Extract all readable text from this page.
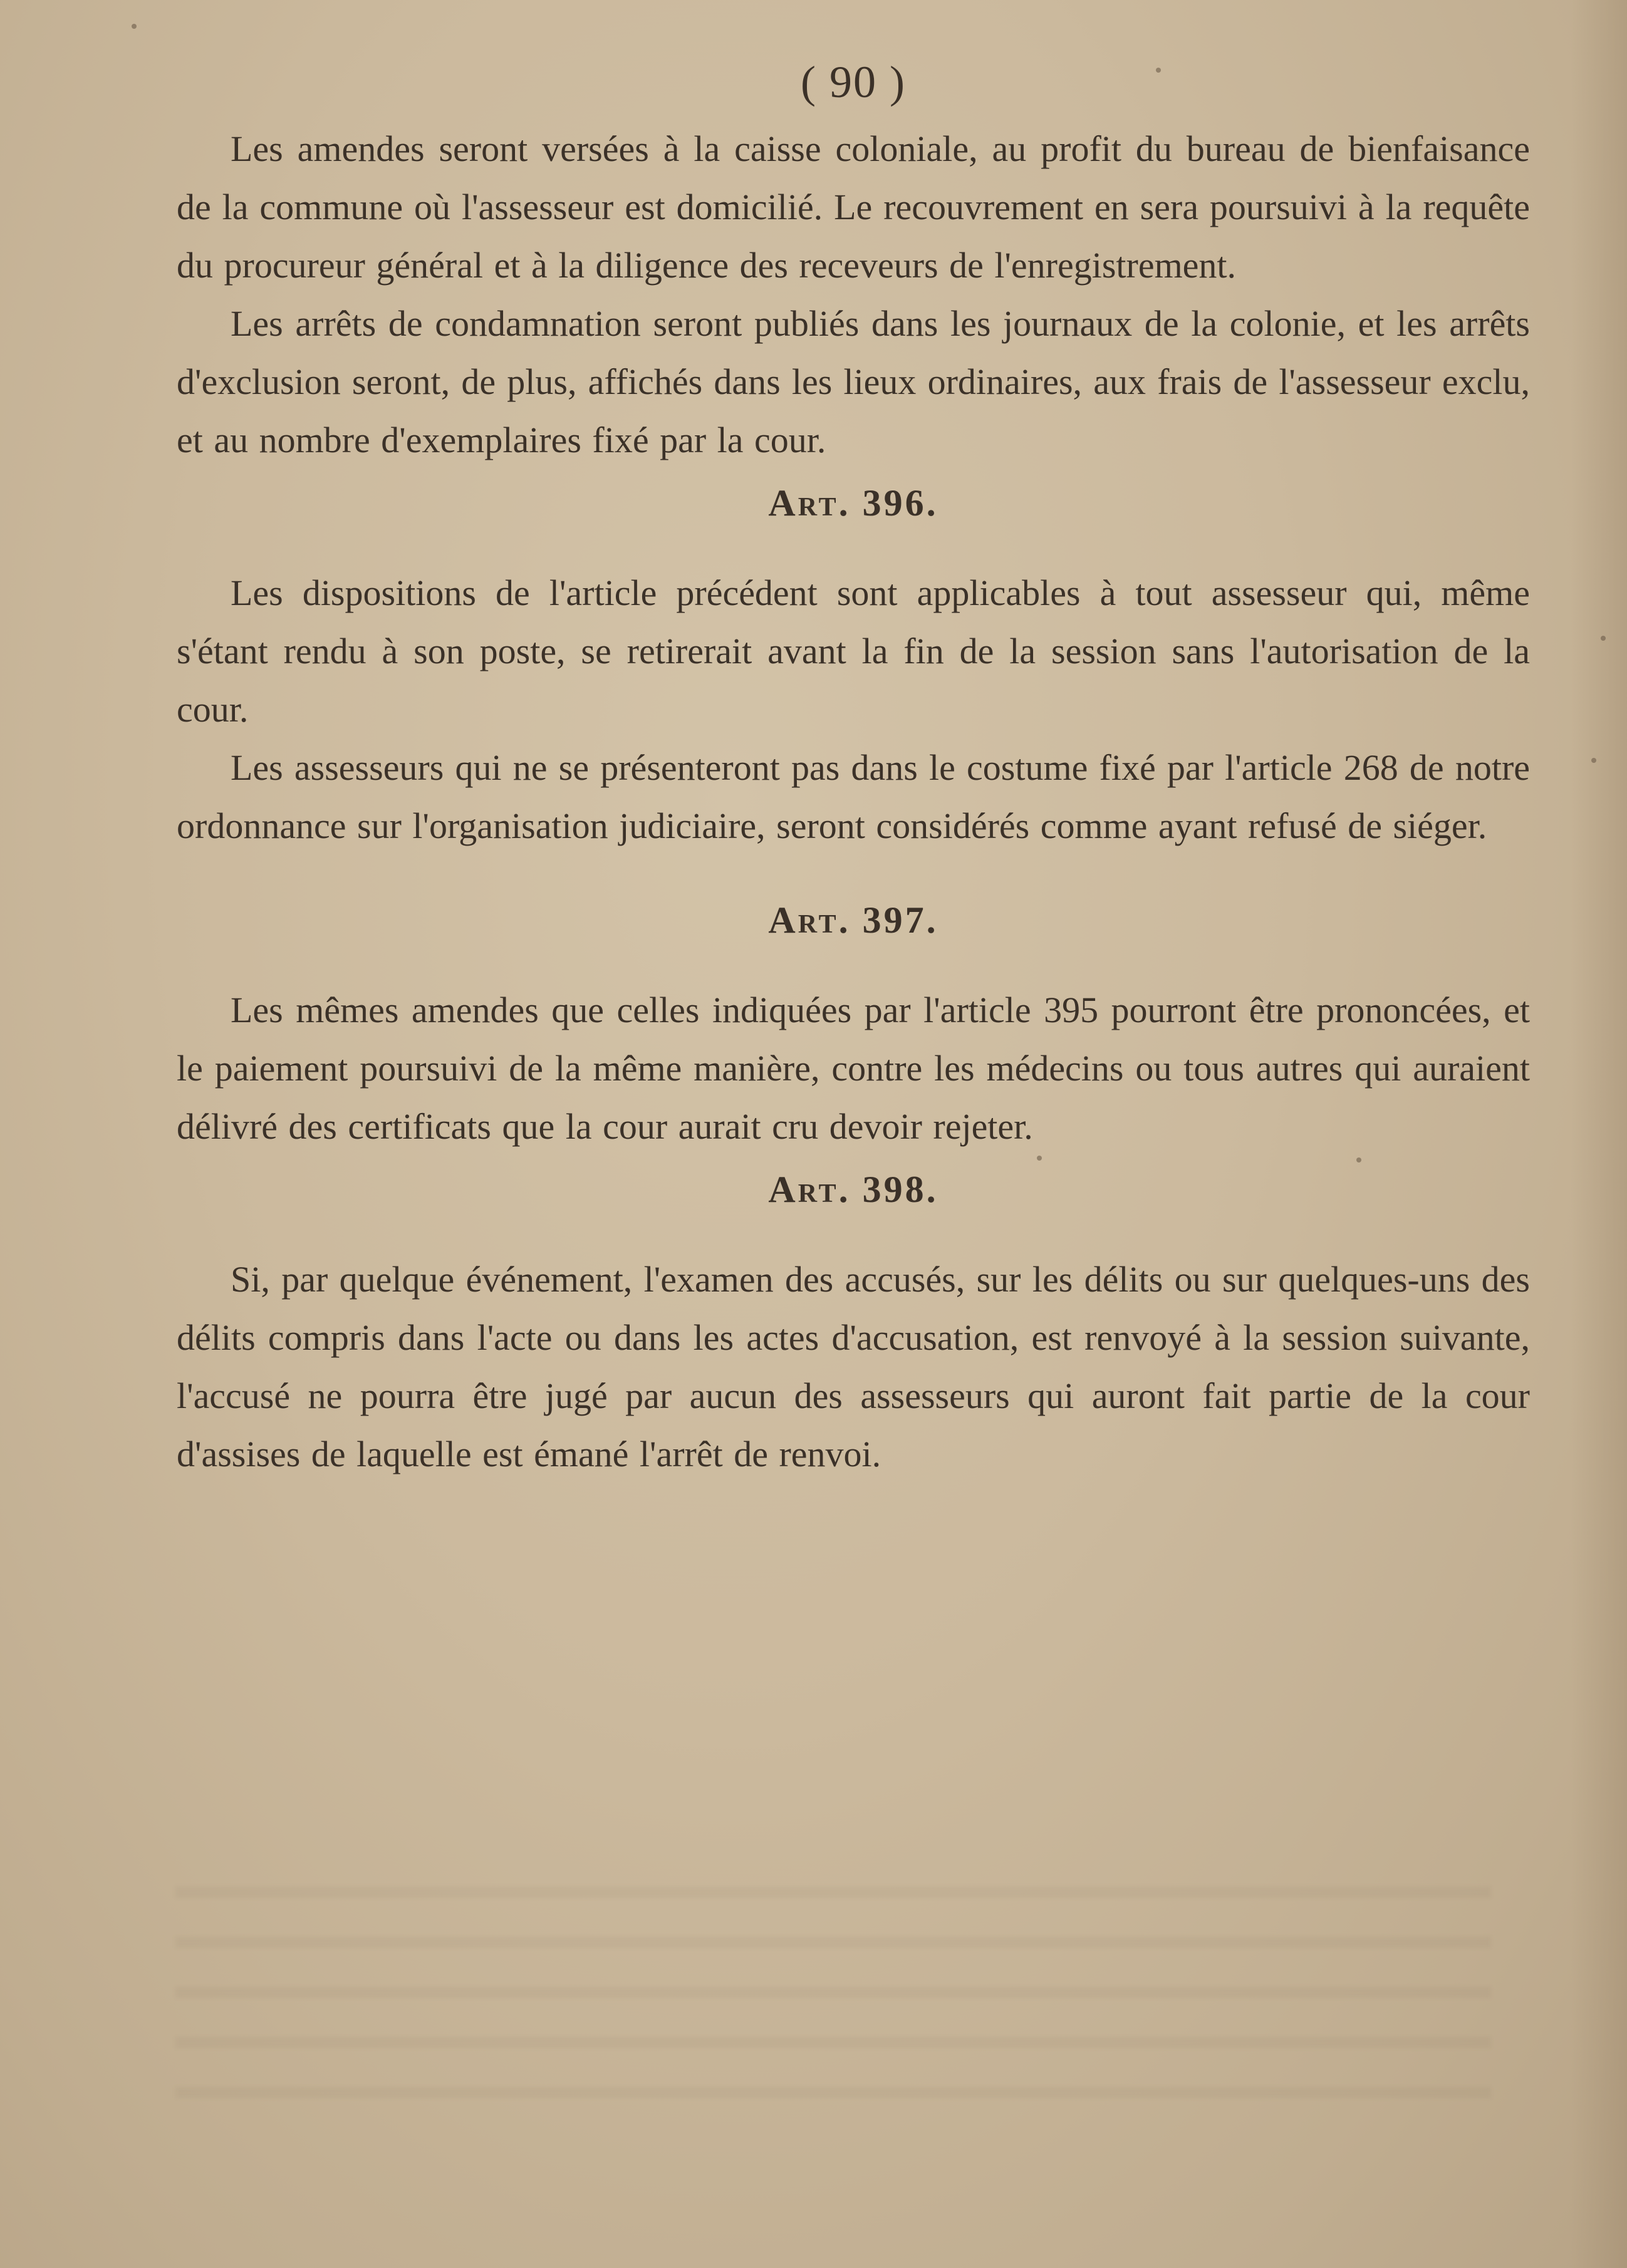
( 90 )

Les amendes seront versées à la caisse coloniale, au profit du bureau de bienfaisance de la commune où l'assesseur est domicilié. Le recouvrement en sera poursuivi à la requête du procureur général et à la diligence des receveurs de l'enregistrement.

Les arrêts de condamnation seront publiés dans les journaux de la colonie, et les arrêts d'exclusion seront, de plus, affichés dans les lieux ordinaires, aux frais de l'assesseur exclu, et au nombre d'exemplaires fixé par la cour.

Art. 396.

Les dispositions de l'article précédent sont applicables à tout assesseur qui, même s'étant rendu à son poste, se retirerait avant la fin de la session sans l'autorisation de la cour.

Les assesseurs qui ne se présenteront pas dans le costume fixé par l'article 268 de notre ordonnance sur l'organisation judiciaire, seront considérés comme ayant refusé de siéger.

Art. 397.

Les mêmes amendes que celles indiquées par l'article 395 pourront être prononcées, et le paiement poursuivi de la même manière, contre les médecins ou tous autres qui auraient délivré des certificats que la cour aurait cru devoir rejeter.

Art. 398.

Si, par quelque événement, l'examen des accusés, sur les délits ou sur quelques-uns des délits compris dans l'acte ou dans les actes d'accusation, est renvoyé à la session suivante, l'accusé ne pourra être jugé par aucun des assesseurs qui auront fait partie de la cour d'assises de laquelle est émané l'arrêt de renvoi.
